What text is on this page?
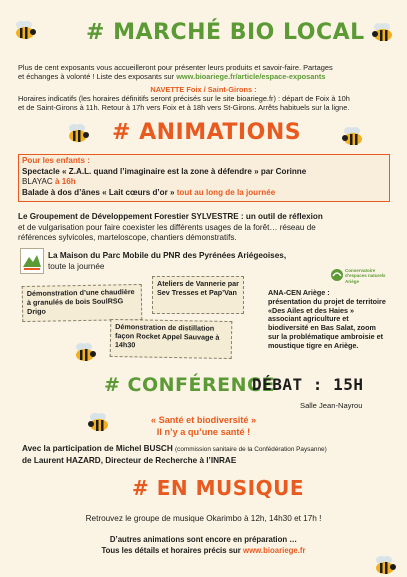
# MARCHÉ BIO LOCAL
Plus de cent exposants vous accueilleront pour présenter leurs produits et savoir-faire. Partages
et échanges à volonté ! Liste des exposants sur www.bioariege.fr/article/espace-exposants
NAVETTE Foix / Saint-Girons :
Horaires indicatifs (les horaires définitifs seront précisés sur le site bioariege.fr) : départ de Foix à 10h
et de Saint-Girons à 11h. Retour à 17h vers Foix et à 18h vers St-Girons. Arrêts habituels sur la ligne.
# ANIMATIONS
Pour les enfants :
Spectacle « Z.A.L. quand l’imaginaire est la zone à défendre » par Corinne
BLAYAC à 16h
Balade à dos d’ânes « Lait cœurs d’or » tout au long de la journée
Le Groupement de Développement Forestier SYLVESTRE : un outil de réflexion
et de vulgarisation pour faire coexister les différents usages de la forêt… réseau de
références sylvicoles, marteloscope, chantiers démonstratifs.
La Maison du Parc Mobile du PNR des Pyrénées Ariégeoises,
toute la journée	Conservatoire d’espaces naturels Ariège
Démonstration d’une chaudière à granulés de bois SoulRSG Drigo
Ateliers de Vannerie par Sev Tresses et Pap’Van
Démonstration de distillation façon Rocket Appel Sauvage à 14h30
ANA-CEN Ariège :
présentation du projet de territoire «Des Ailes et des Haies » associant agriculture et biodiversité en Bas Salat, zoom sur la problématique ambroisie et moustique tigre en Ariège.
# CONFÉRENCE
DÉBAT : 15H
Salle Jean-Nayrou
« Santé et biodiversité »
Il n’y a qu’une santé !
Avec la participation de Michel BUSCH (commission sanitaire de la Confédération Paysanne)
de Laurent HAZARD, Directeur de Recherche à l’INRAE
# EN MUSIQUE
Retrouvez le groupe de musique Okarimbo à 12h, 14h30 et 17h !
D’autres animations sont encore en préparation …
Tous les détails et horaires précis sur www.bioariege.fr
